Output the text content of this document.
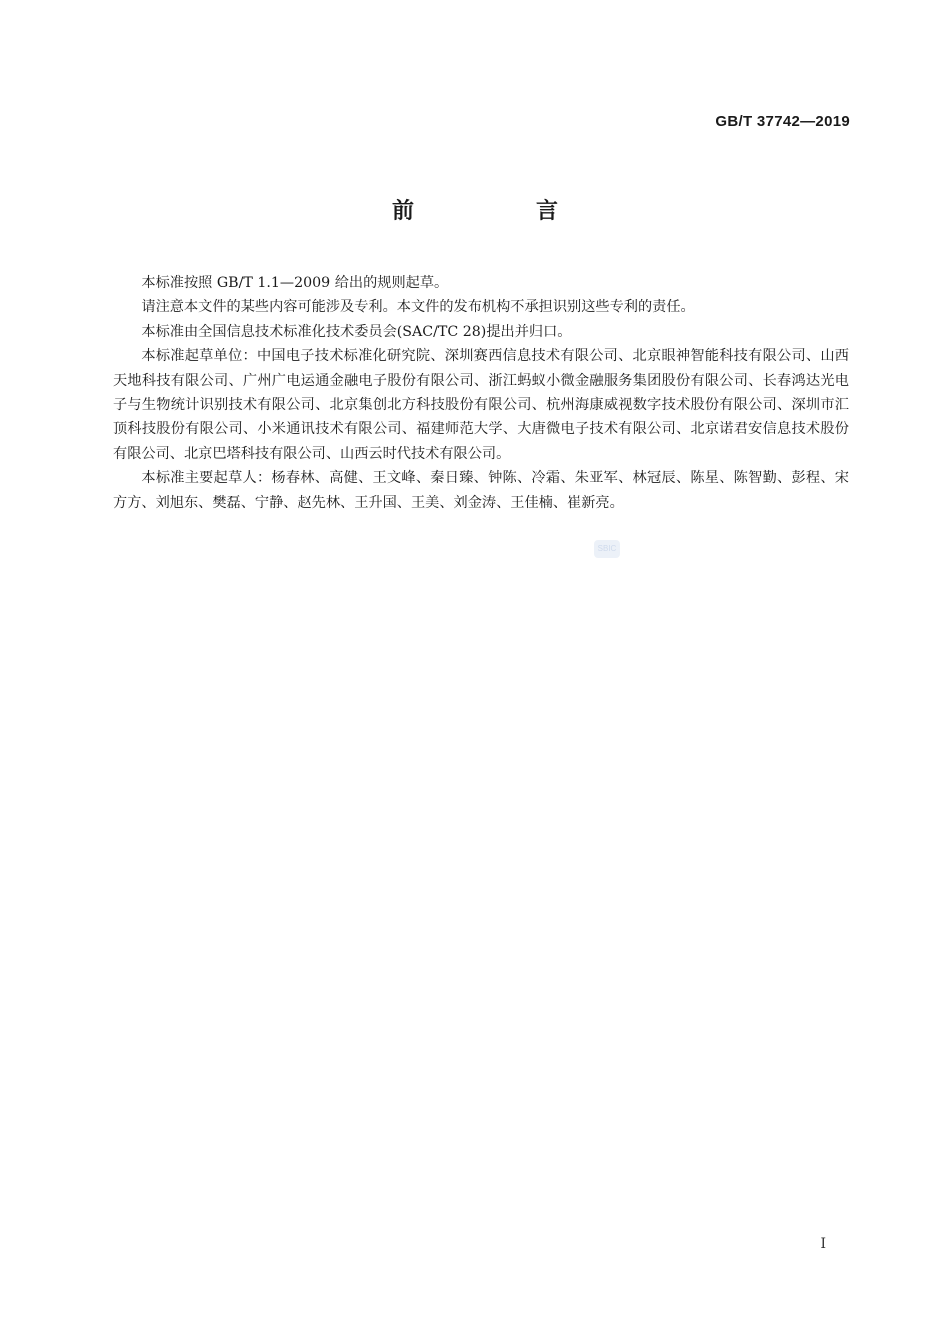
GB/T 37742—2019
前　言

本标准按照 GB/T 1.1—2009 给出的规则起草。

请注意本文件的某些内容可能涉及专利。本文件的发布机构不承担识别这些专利的责任。

本标准由全国信息技术标准化技术委员会(SAC/TC 28)提出并归口。

本标准起草单位：中国电子技术标准化研究院、深圳赛西信息技术有限公司、北京眼神智能科技有限公司、山西天地科技有限公司、广州广电运通金融电子股份有限公司、浙江蚂蚁小微金融服务集团股份有限公司、长春鸿达光电子与生物统计识别技术有限公司、北京集创北方科技股份有限公司、杭州海康威视数字技术股份有限公司、深圳市汇顶科技股份有限公司、小米通讯技术有限公司、福建师范大学、大唐微电子技术有限公司、北京诺君安信息技术股份有限公司、北京巴塔科技有限公司、山西云时代技术有限公司。

本标准主要起草人：杨春林、高健、王文峰、秦日臻、钟陈、冷霜、朱亚军、林冠辰、陈星、陈智勤、彭程、宋方方、刘旭东、樊磊、宁静、赵先林、王升国、王美、刘金涛、王佳楠、崔新亮。

SBIC
I
